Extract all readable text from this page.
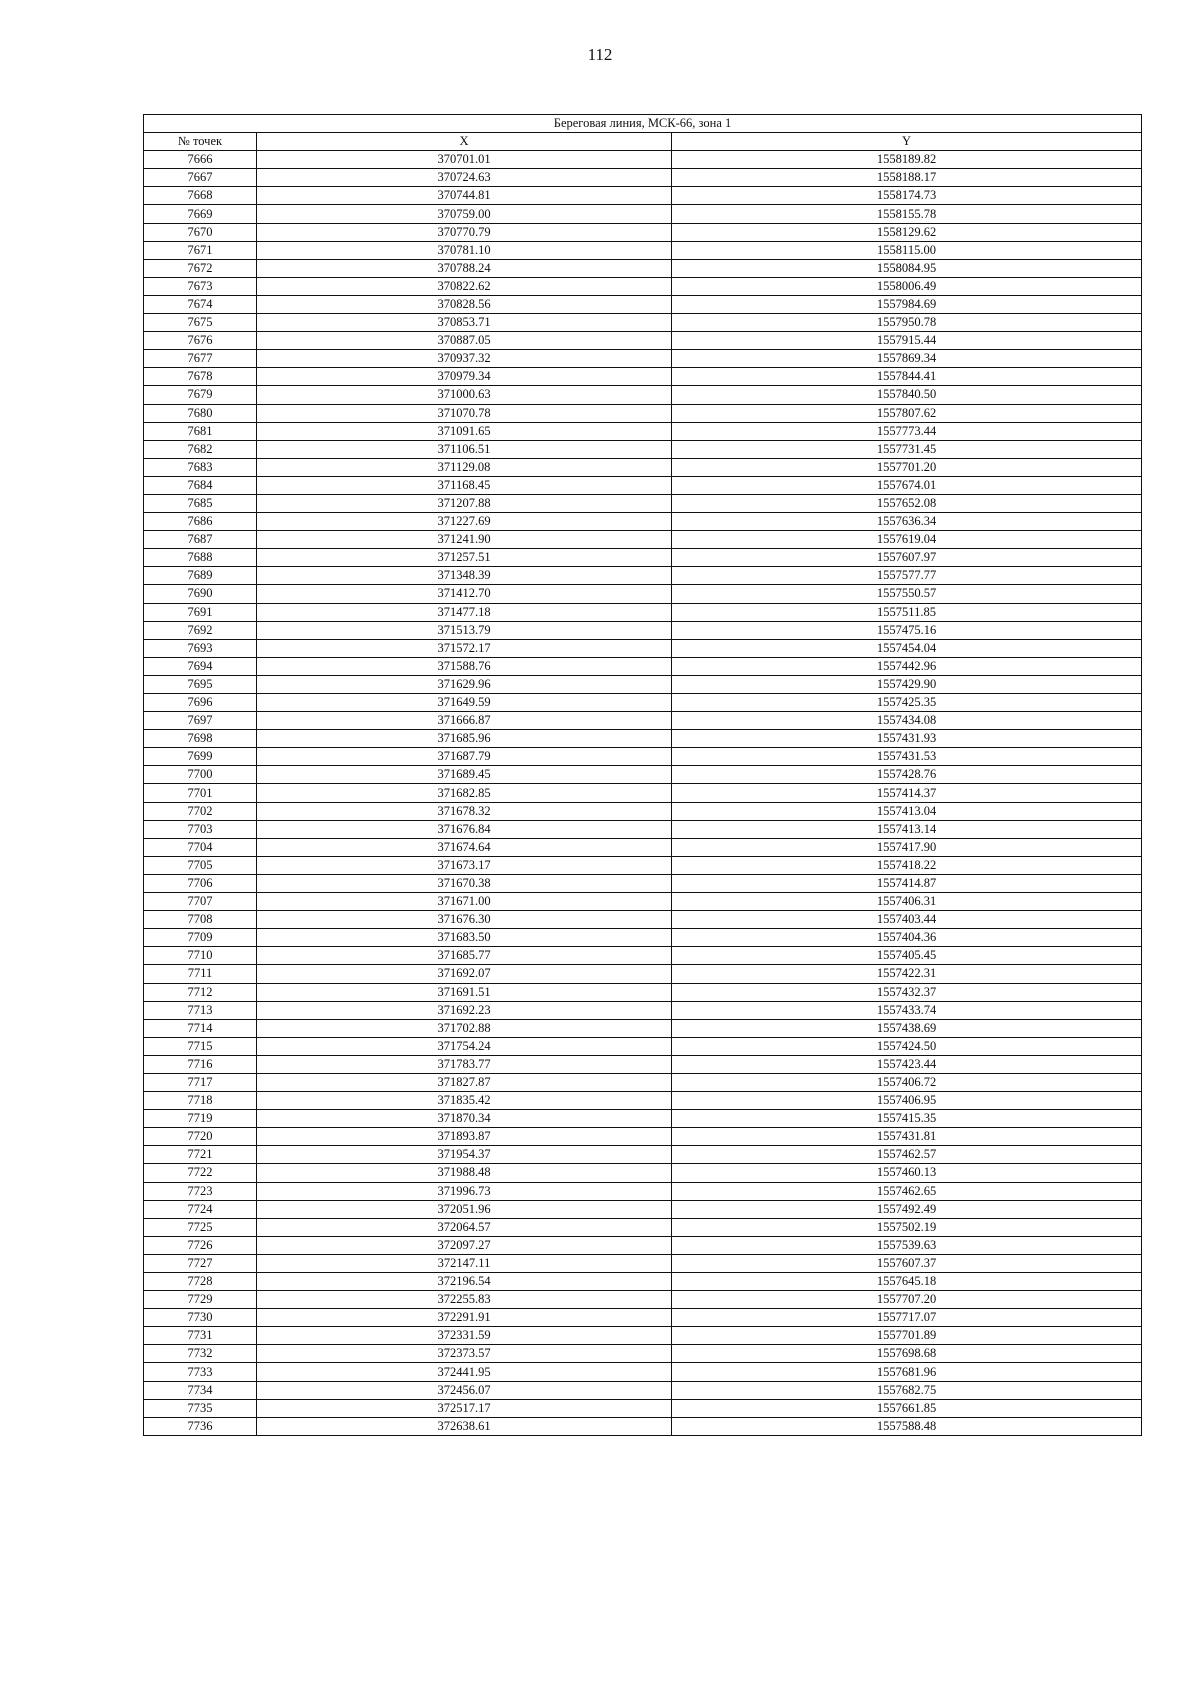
112
Береговая линия, МСК-66, зона 1		
№ точек	X	Y
7666	370701.01	1558189.82
7667	370724.63	1558188.17
7668	370744.81	1558174.73
7669	370759.00	1558155.78
7670	370770.79	1558129.62
7671	370781.10	1558115.00
7672	370788.24	1558084.95
7673	370822.62	1558006.49
7674	370828.56	1557984.69
7675	370853.71	1557950.78
7676	370887.05	1557915.44
7677	370937.32	1557869.34
7678	370979.34	1557844.41
7679	371000.63	1557840.50
7680	371070.78	1557807.62
7681	371091.65	1557773.44
7682	371106.51	1557731.45
7683	371129.08	1557701.20
7684	371168.45	1557674.01
7685	371207.88	1557652.08
7686	371227.69	1557636.34
7687	371241.90	1557619.04
7688	371257.51	1557607.97
7689	371348.39	1557577.77
7690	371412.70	1557550.57
7691	371477.18	1557511.85
7692	371513.79	1557475.16
7693	371572.17	1557454.04
7694	371588.76	1557442.96
7695	371629.96	1557429.90
7696	371649.59	1557425.35
7697	371666.87	1557434.08
7698	371685.96	1557431.93
7699	371687.79	1557431.53
7700	371689.45	1557428.76
7701	371682.85	1557414.37
7702	371678.32	1557413.04
7703	371676.84	1557413.14
7704	371674.64	1557417.90
7705	371673.17	1557418.22
7706	371670.38	1557414.87
7707	371671.00	1557406.31
7708	371676.30	1557403.44
7709	371683.50	1557404.36
7710	371685.77	1557405.45
7711	371692.07	1557422.31
7712	371691.51	1557432.37
7713	371692.23	1557433.74
7714	371702.88	1557438.69
7715	371754.24	1557424.50
7716	371783.77	1557423.44
7717	371827.87	1557406.72
7718	371835.42	1557406.95
7719	371870.34	1557415.35
7720	371893.87	1557431.81
7721	371954.37	1557462.57
7722	371988.48	1557460.13
7723	371996.73	1557462.65
7724	372051.96	1557492.49
7725	372064.57	1557502.19
7726	372097.27	1557539.63
7727	372147.11	1557607.37
7728	372196.54	1557645.18
7729	372255.83	1557707.20
7730	372291.91	1557717.07
7731	372331.59	1557701.89
7732	372373.57	1557698.68
7733	372441.95	1557681.96
7734	372456.07	1557682.75
7735	372517.17	1557661.85
7736	372638.61	1557588.48
